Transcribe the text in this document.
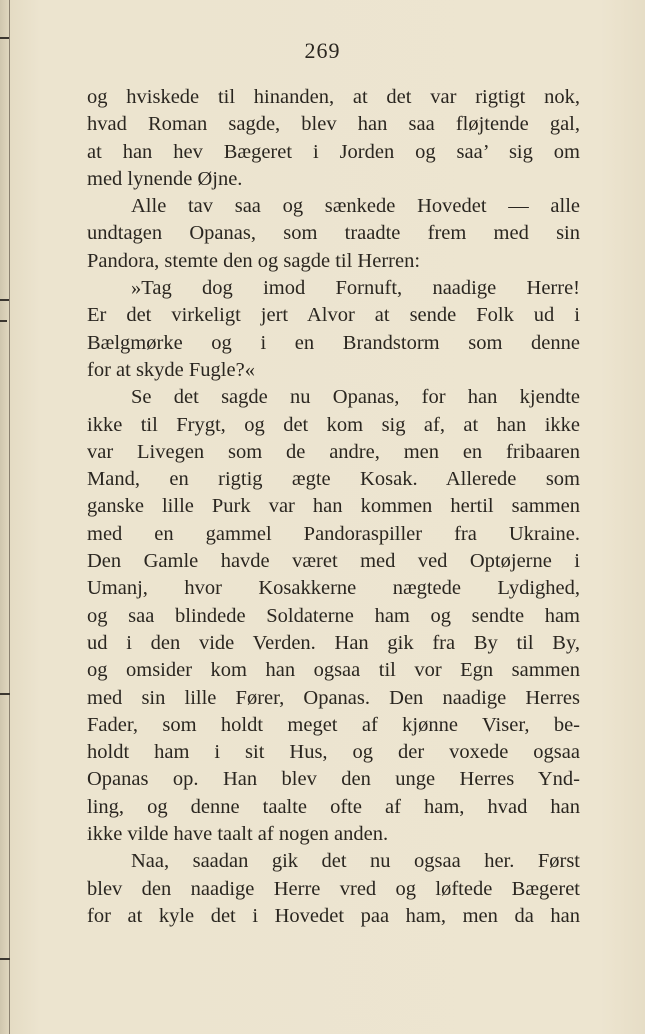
269
og hviskede til hinanden, at det var rigtigt nok,
hvad Roman sagde, blev han saa fløjtende gal,
at han hev Bægeret i Jorden og saa’ sig om
med lynende Øjne.
Alle tav saa og sænkede Hovedet — alle
undtagen Opanas, som traadte frem med sin
Pandora, stemte den og sagde til Herren:
»Tag dog imod Fornuft, naadige Herre!
Er det virkeligt jert Alvor at sende Folk ud i
Bælgmørke og i en Brandstorm som denne
for at skyde Fugle?«
Se det sagde nu Opanas, for han kjendte
ikke til Frygt, og det kom sig af, at han ikke
var Livegen som de andre, men en fribaaren
Mand, en rigtig ægte Kosak. Allerede som
ganske lille Purk var han kommen hertil sammen
med en gammel Pandoraspiller fra Ukraine.
Den Gamle havde været med ved Optøjerne i
Umanj, hvor Kosakkerne nægtede Lydighed,
og saa blindede Soldaterne ham og sendte ham
ud i den vide Verden. Han gik fra By til By,
og omsider kom han ogsaa til vor Egn sammen
med sin lille Fører, Opanas. Den naadige Herres
Fader, som holdt meget af kjønne Viser, be-
holdt ham i sit Hus, og der voxede ogsaa
Opanas op. Han blev den unge Herres Ynd-
ling, og denne taalte ofte af ham, hvad han
ikke vilde have taalt af nogen anden.
Naa, saadan gik det nu ogsaa her. Først
blev den naadige Herre vred og løftede Bægeret
for at kyle det i Hovedet paa ham, men da han
